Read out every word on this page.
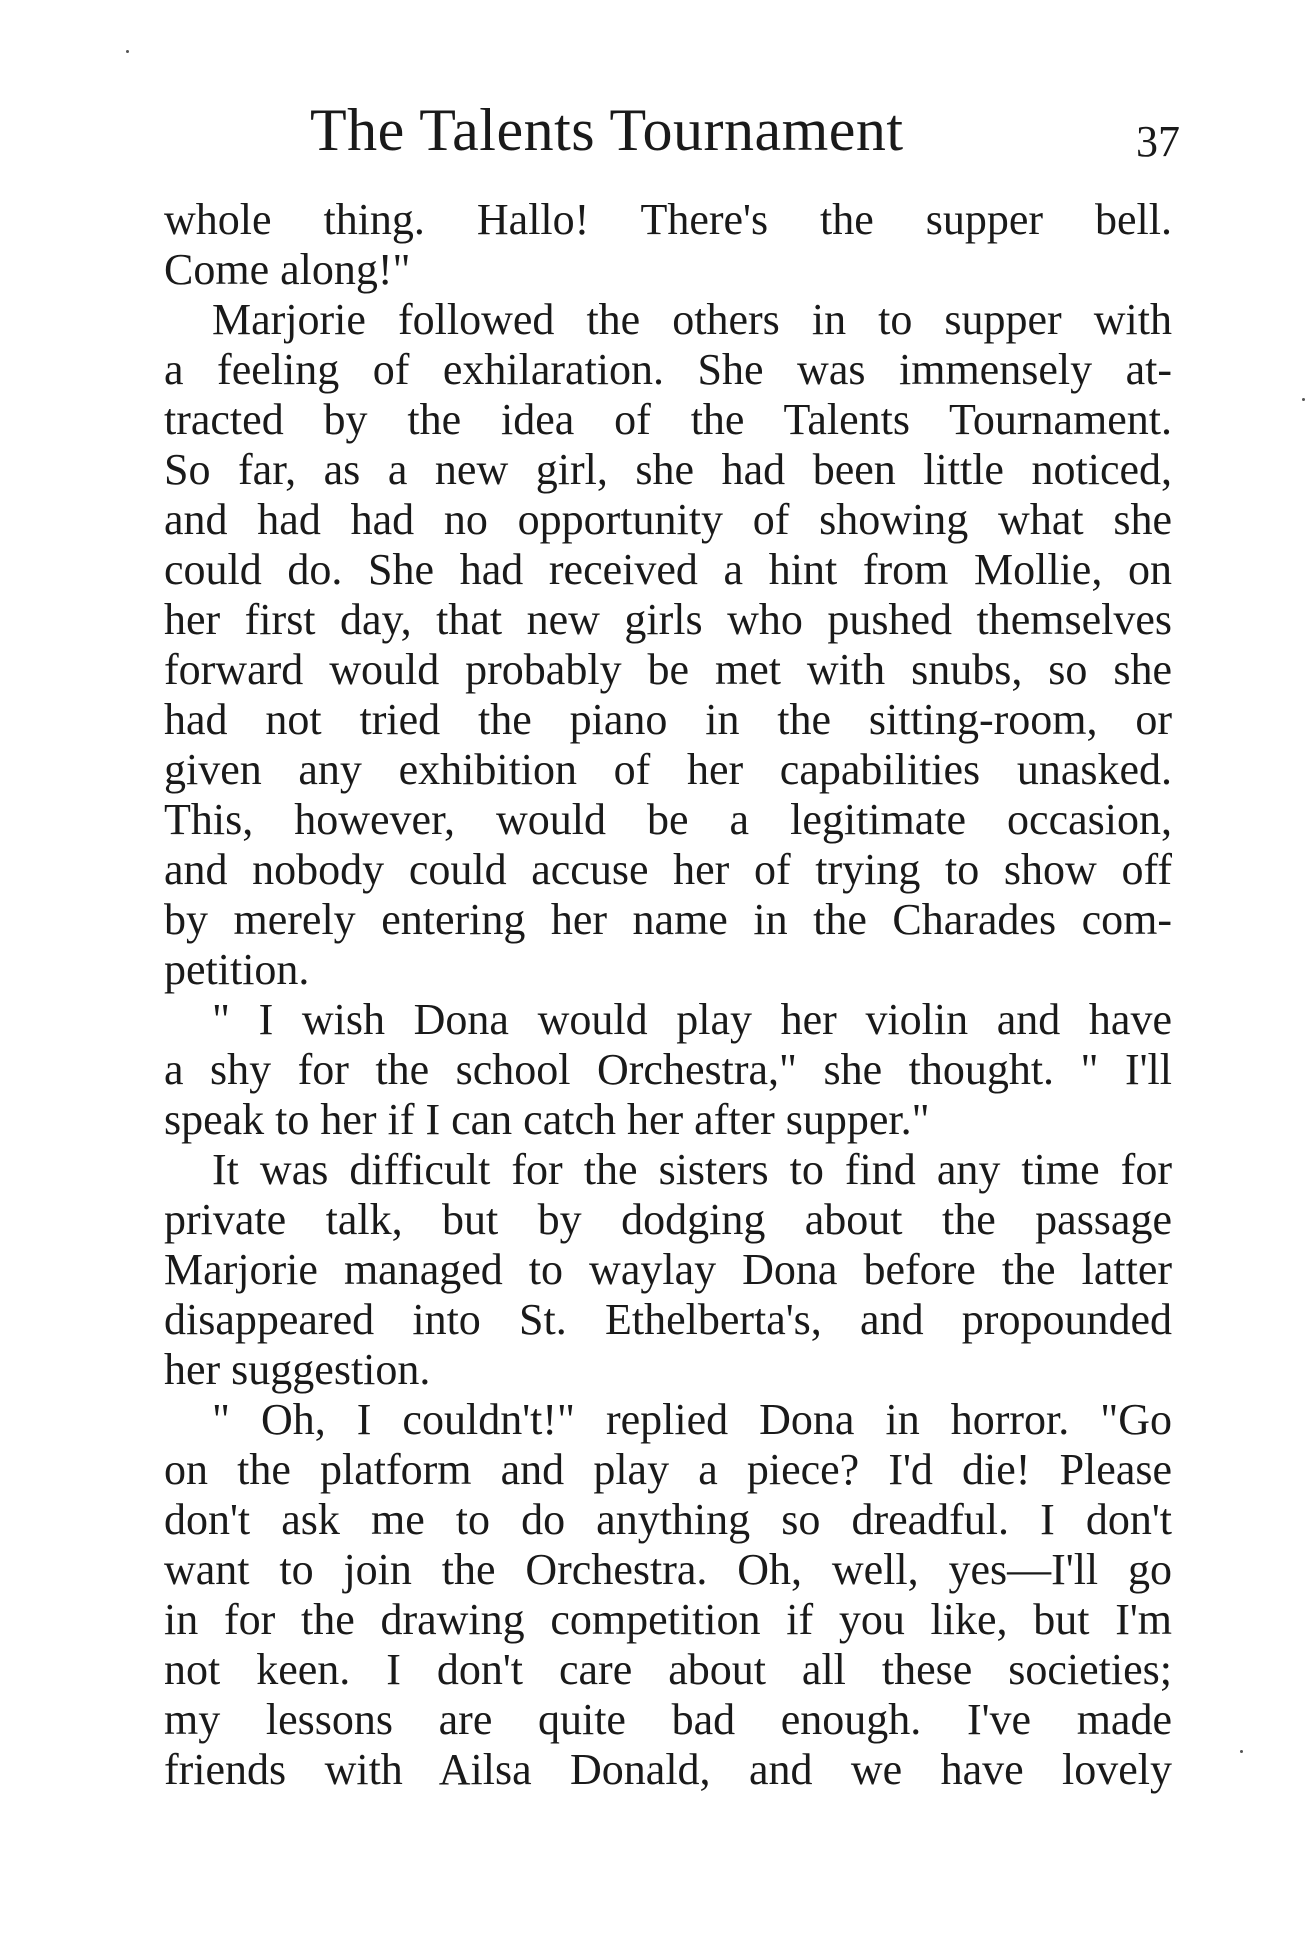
The Talents Tournament	37
whole thing. Hallo! There's the supper bell.
Come along!"
Marjorie followed the others in to supper with
a feeling of exhilaration. She was immensely at-
tracted by the idea of the Talents Tournament.
So far, as a new girl, she had been little noticed,
and had had no opportunity of showing what she
could do. She had received a hint from Mollie, on
her first day, that new girls who pushed themselves
forward would probably be met with snubs, so she
had not tried the piano in the sitting-room, or
given any exhibition of her capabilities unasked.
This, however, would be a legitimate occasion,
and nobody could accuse her of trying to show off
by merely entering her name in the Charades com-
petition.
" I wish Dona would play her violin and have
a shy for the school Orchestra," she thought. " I'll
speak to her if I can catch her after supper."
It was difficult for the sisters to find any time for
private talk, but by dodging about the passage
Marjorie managed to waylay Dona before the latter
disappeared into St. Ethelberta's, and propounded
her suggestion.
" Oh, I couldn't!" replied Dona in horror. "Go
on the platform and play a piece? I'd die! Please
don't ask me to do anything so dreadful. I don't
want to join the Orchestra. Oh, well, yes—I'll go
in for the drawing competition if you like, but I'm
not keen. I don't care about all these societies;
my lessons are quite bad enough. I've made
friends with Ailsa Donald, and we have lovely
